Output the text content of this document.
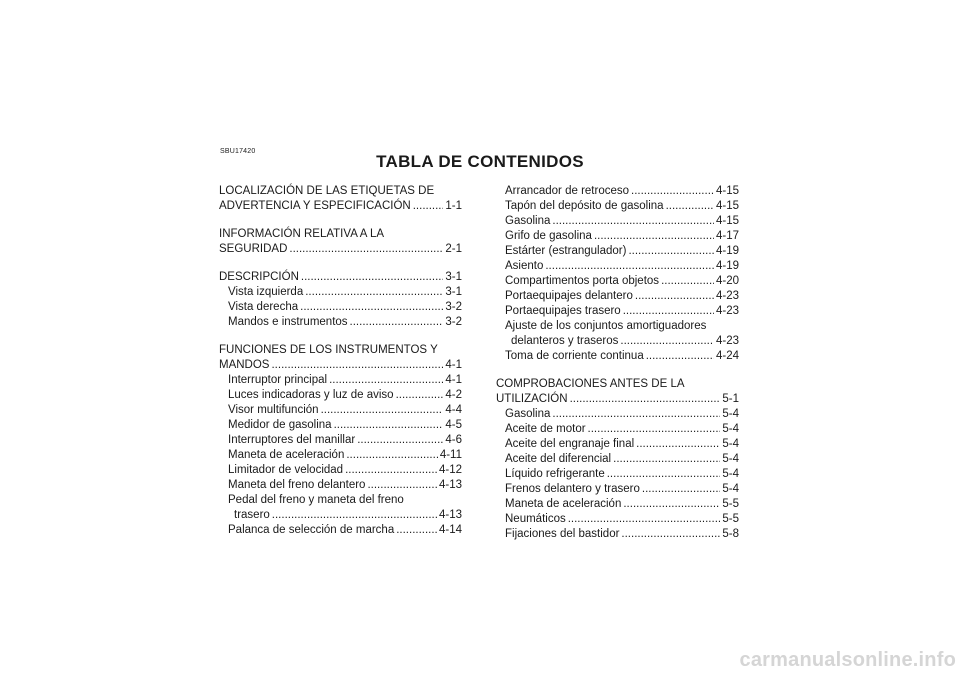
SBU17420
TABLA DE CONTENIDOS
LOCALIZACIÓN DE LAS ETIQUETAS DE
ADVERTENCIA Y ESPECIFICACIÓN .....	1-1
INFORMACIÓN RELATIVA A LA
SEGURIDAD .....	2-1
DESCRIPCIÓN .....	3-1
Vista izquierda .....	3-1
Vista derecha .....	3-2
Mandos e instrumentos .....	3-2
FUNCIONES DE LOS INSTRUMENTOS Y
MANDOS .....	4-1
Interruptor principal .....	4-1
Luces indicadoras y luz de aviso .....	4-2
Visor multifunción .....	4-4
Medidor de gasolina .....	4-5
Interruptores del manillar .....	4-6
Maneta de aceleración .....	4-11
Limitador de velocidad .....	4-12
Maneta del freno delantero .....	4-13
Pedal del freno y maneta del freno
trasero .....	4-13
Palanca de selección de marcha .....	4-14
Arrancador de retroceso .....	4-15
Tapón del depósito de gasolina .....	4-15
Gasolina .....	4-15
Grifo de gasolina .....	4-17
Estárter (estrangulador) .....	4-19
Asiento .....	4-19
Compartimentos porta objetos .....	4-20
Portaequipajes delantero .....	4-23
Portaequipajes trasero .....	4-23
Ajuste de los conjuntos amortiguadores
delanteros y traseros .....	4-23
Toma de corriente continua .....	4-24
COMPROBACIONES ANTES DE LA
UTILIZACIÓN .....	5-1
Gasolina .....	5-4
Aceite de motor .....	5-4
Aceite del engranaje final .....	5-4
Aceite del diferencial .....	5-4
Líquido refrigerante .....	5-4
Frenos delantero y trasero .....	5-4
Maneta de aceleración .....	5-5
Neumáticos .....	5-5
Fijaciones del bastidor .....	5-8
carmanualsonline.info
